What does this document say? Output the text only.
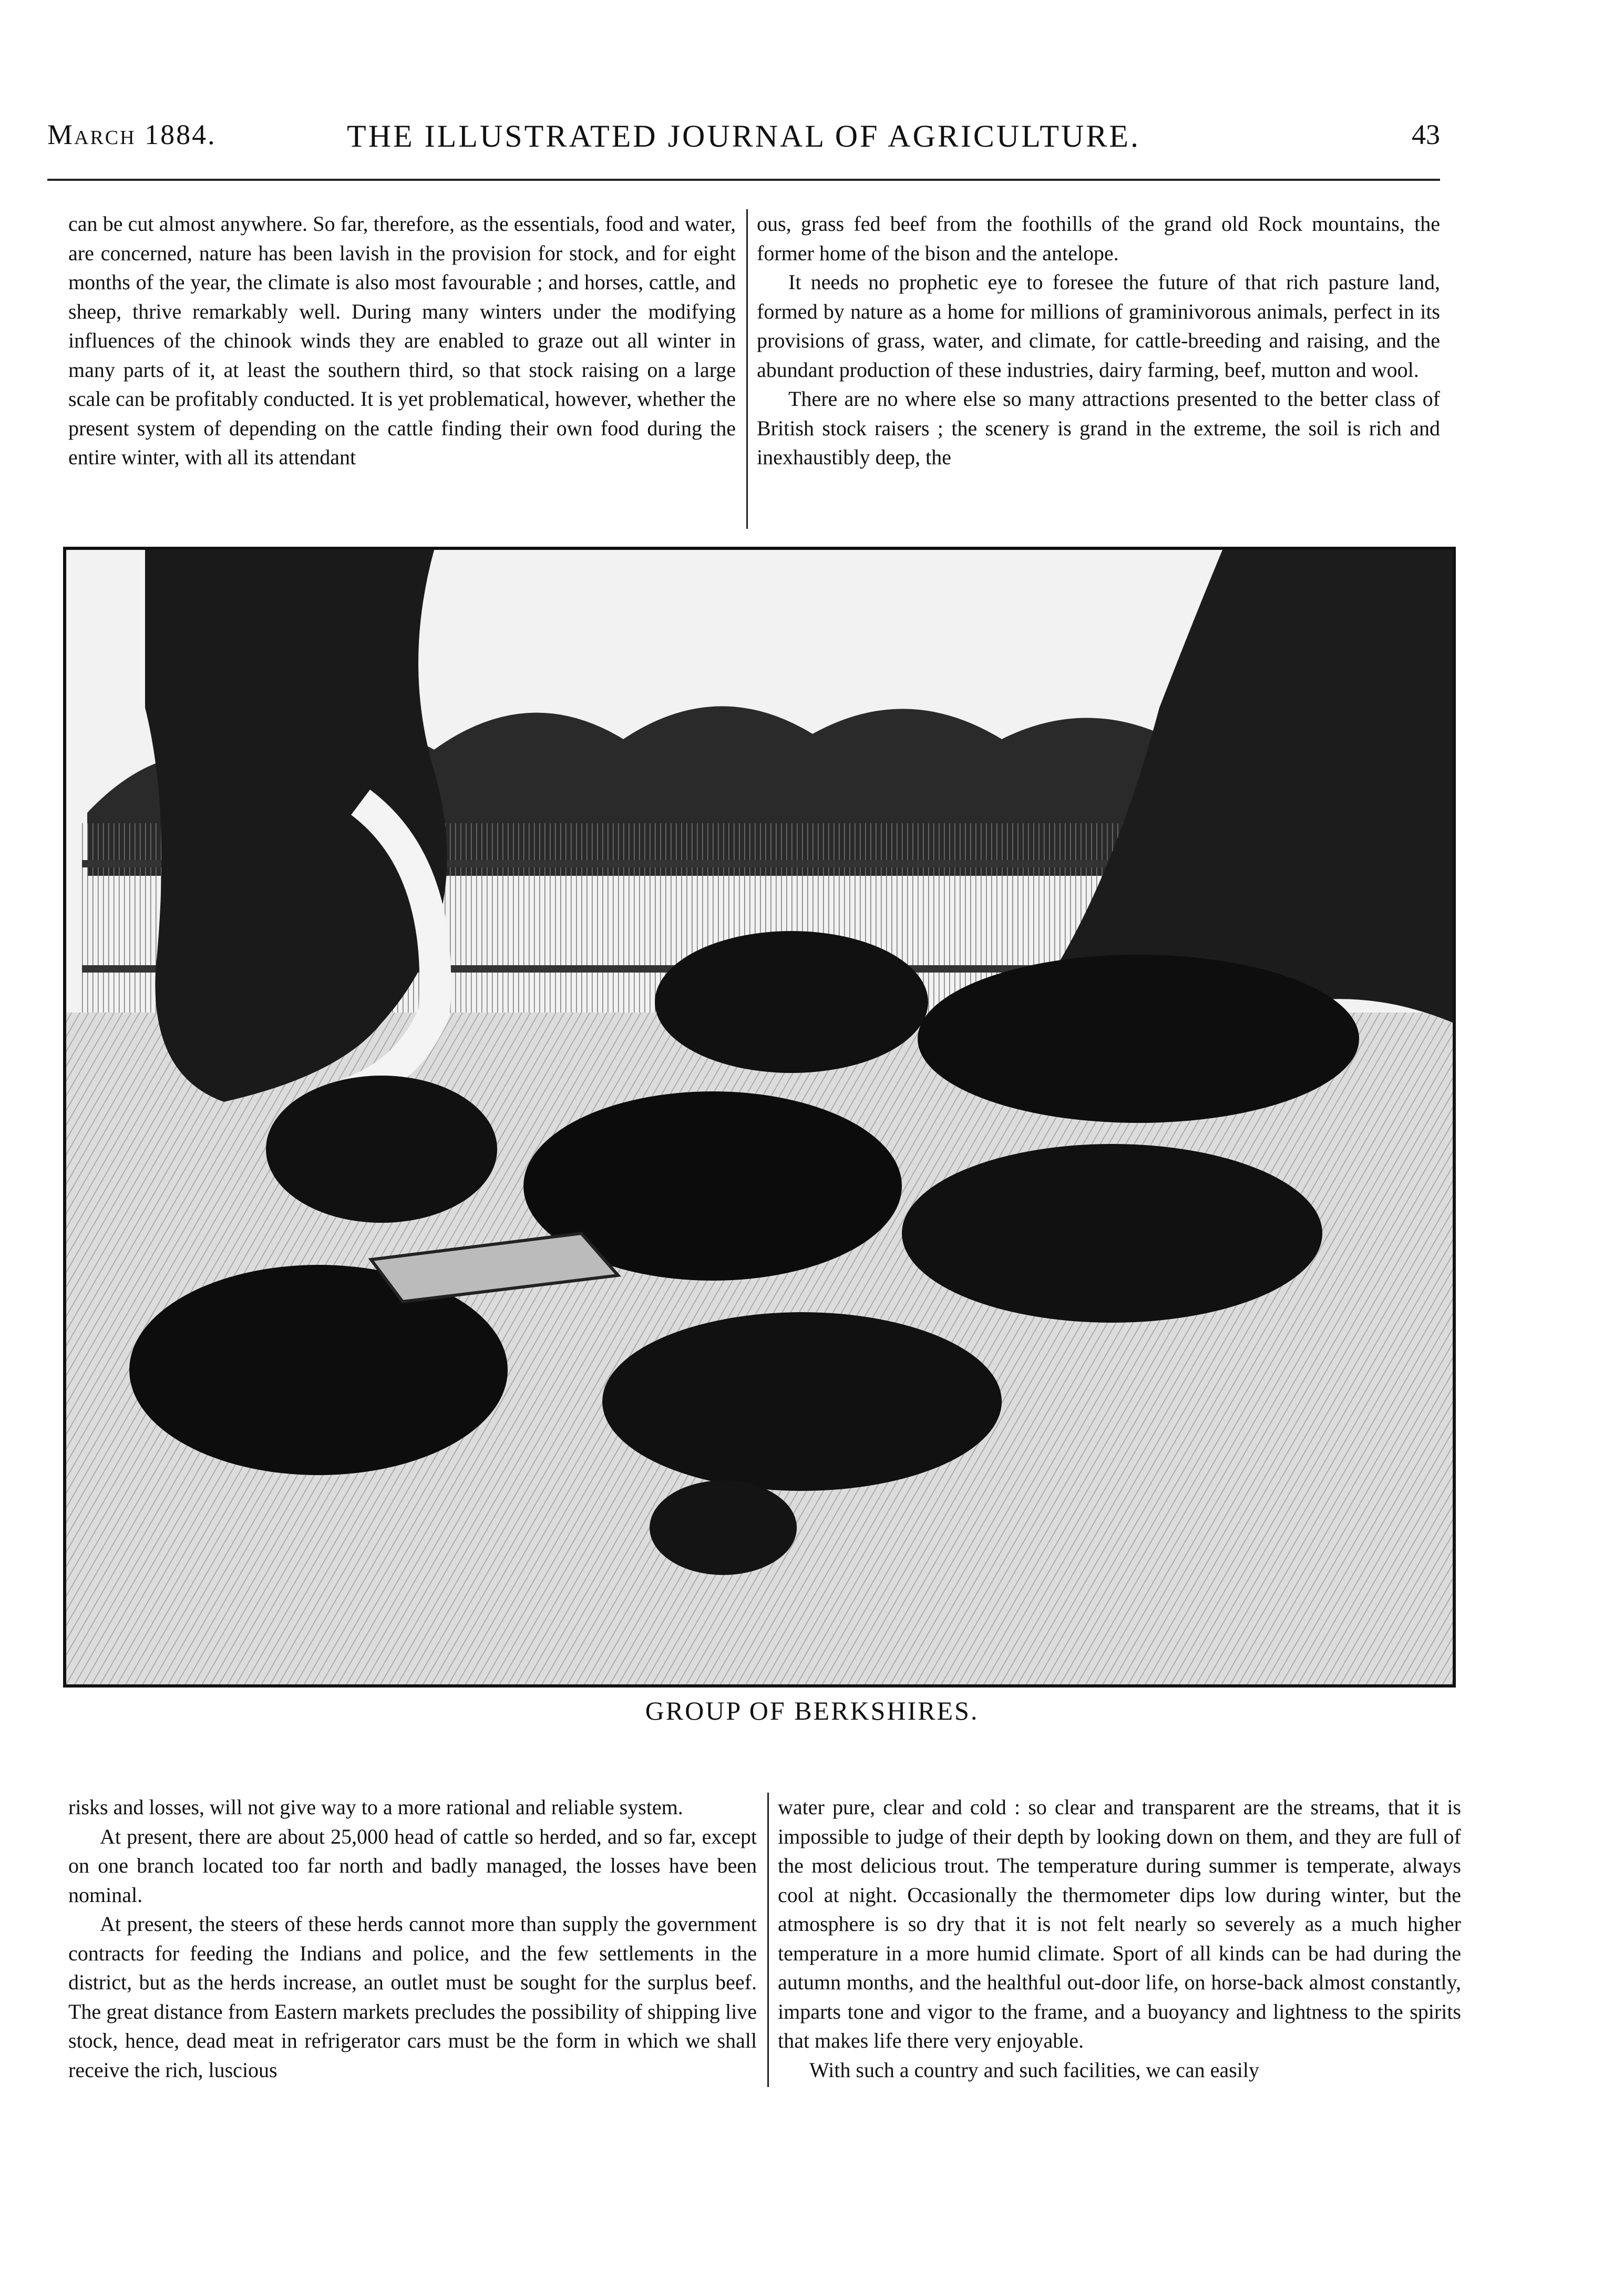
THE ILLUSTRATED JOURNAL OF AGRICULTURE.
March 1884.	43

can be cut almost anywhere. So far, therefore, as the essentials, food and water, are concerned, nature has been lavish in the provision for stock, and for eight months of the year, the climate is also most favourable ; and horses, cattle, and sheep, thrive remarkably well. During many winters under the modifying influences of the chinook winds they are enabled to graze out all winter in many parts of it, at least the southern third, so that stock raising on a large scale can be profitably conducted. It is yet problematical, however, whether the present system of depending on the cattle finding their own food during the entire winter, with all its attendant

ous, grass fed beef from the foothills of the grand old Rock mountains, the former home of the bison and the antelope.

It needs no prophetic eye to foresee the future of that rich pasture land, formed by nature as a home for millions of graminivorous animals, perfect in its provisions of grass, water, and climate, for cattle-breeding and raising, and the abundant production of these industries, dairy farming, beef, mutton and wool.

There are no where else so many attractions presented to the better class of British stock raisers ; the scenery is grand in the extreme, the soil is rich and inexhaustibly deep, the

GROUP OF BERKSHIRES.

risks and losses, will not give way to a more rational and reliable system.

At present, there are about 25,000 head of cattle so herded, and so far, except on one branch located too far north and badly managed, the losses have been nominal.

At present, the steers of these herds cannot more than supply the government contracts for feeding the Indians and police, and the few settlements in the district, but as the herds increase, an outlet must be sought for the surplus beef. The great distance from Eastern markets precludes the possibility of shipping live stock, hence, dead meat in refrigerator cars must be the form in which we shall receive the rich, luscious

water pure, clear and cold : so clear and transparent are the streams, that it is impossible to judge of their depth by looking down on them, and they are full of the most delicious trout. The temperature during summer is temperate, always cool at night. Occasionally the thermometer dips low during winter, but the atmosphere is so dry that it is not felt nearly so severely as a much higher temperature in a more humid climate. Sport of all kinds can be had during the autumn months, and the healthful out-door life, on horse-back almost constantly, imparts tone and vigor to the frame, and a buoyancy and lightness to the spirits that makes life there very enjoyable.

With such a country and such facilities, we can easily
